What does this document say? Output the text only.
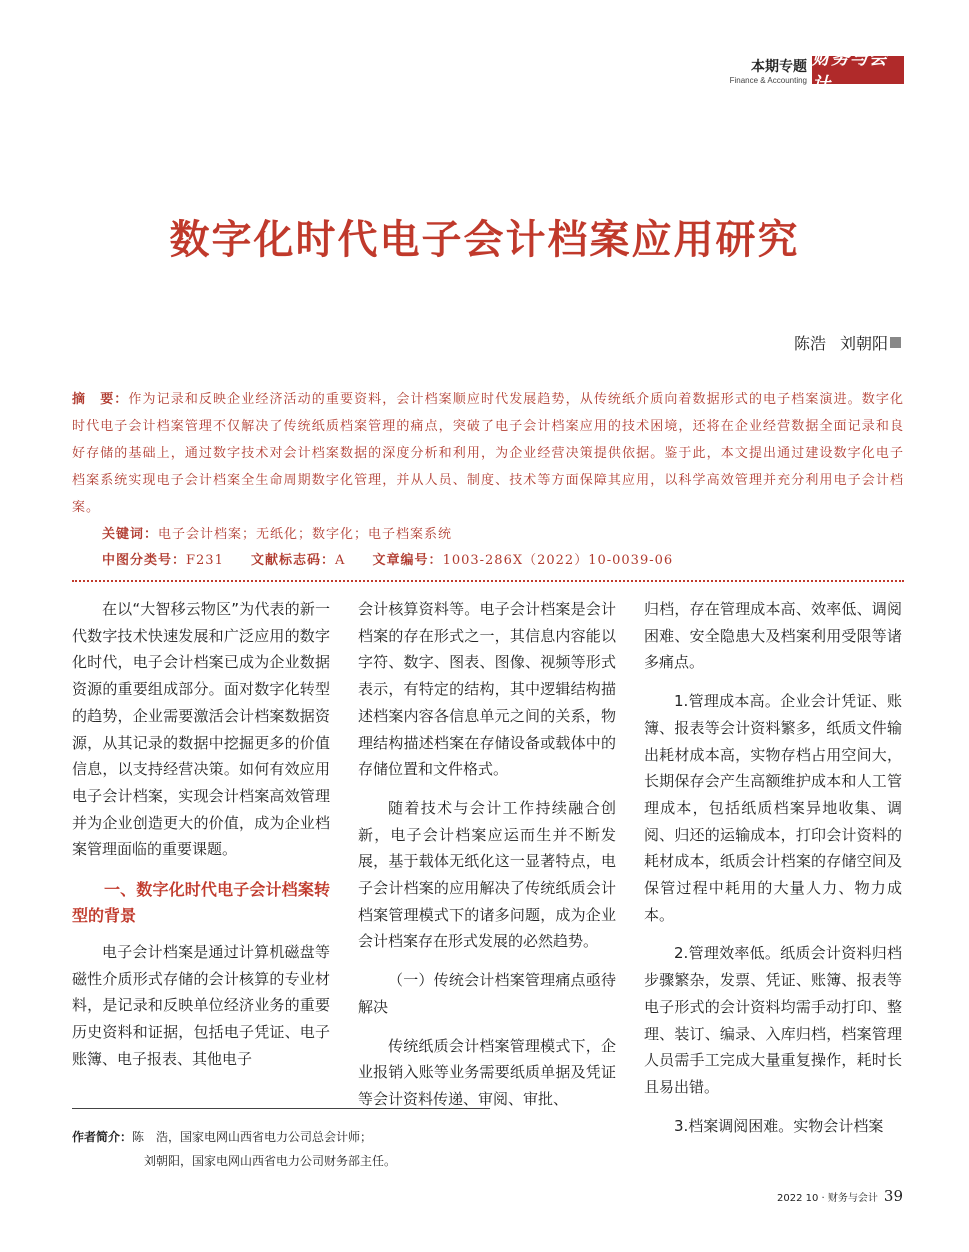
本期专题
Finance & Accounting
财务与会计
数字化时代电子会计档案应用研究
陈浩 刘朝阳
摘　要：作为记录和反映企业经济活动的重要资料，会计档案顺应时代发展趋势，从传统纸介质向着数据形式的电子档案演进。数字化时代电子会计档案管理不仅解决了传统纸质档案管理的痛点，突破了电子会计档案应用的技术困境，还将在企业经营数据全面记录和良好存储的基础上，通过数字技术对会计档案数据的深度分析和利用，为企业经营决策提供依据。鉴于此，本文提出通过建设数字化电子档案系统实现电子会计档案全生命周期数字化管理，并从人员、制度、技术等方面保障其应用，以科学高效管理并充分利用电子会计档案。
关键词：电子会计档案；无纸化；数字化；电子档案系统
中图分类号：F231 文献标志码：A 文章编号：1003-286X（2022）10-0039-06

在以“大智移云物区”为代表的新一代数字技术快速发展和广泛应用的数字化时代，电子会计档案已成为企业数据资源的重要组成部分。面对数字化转型的趋势，企业需要激活会计档案数据资源，从其记录的数据中挖掘更多的价值信息，以支持经营决策。如何有效应用电子会计档案，实现会计档案高效管理并为企业创造更大的价值，成为企业档案管理面临的重要课题。

一、数字化时代电子会计档案转型的背景

电子会计档案是通过计算机磁盘等磁性介质形式存储的会计核算的专业材料，是记录和反映单位经济业务的重要历史资料和证据，包括电子凭证、电子账簿、电子报表、其他电子

会计核算资料等。电子会计档案是会计档案的存在形式之一，其信息内容能以字符、数字、图表、图像、视频等形式表示，有特定的结构，其中逻辑结构描述档案内容各信息单元之间的关系，物理结构描述档案在存储设备或载体中的存储位置和文件格式。

随着技术与会计工作持续融合创新，电子会计档案应运而生并不断发展，基于载体无纸化这一显著特点，电子会计档案的应用解决了传统纸质会计档案管理模式下的诸多问题，成为企业会计档案存在形式发展的必然趋势。

（一）传统会计档案管理痛点亟待解决

传统纸质会计档案管理模式下，企业报销入账等业务需要纸质单据及凭证等会计资料传递、审阅、审批、

归档，存在管理成本高、效率低、调阅困难、安全隐患大及档案利用受限等诸多痛点。

1.管理成本高。企业会计凭证、账簿、报表等会计资料繁多，纸质文件输出耗材成本高，实物存档占用空间大，长期保存会产生高额维护成本和人工管理成本，包括纸质档案异地收集、调阅、归还的运输成本，打印会计资料的耗材成本，纸质会计档案的存储空间及保管过程中耗用的大量人力、物力成本。

2.管理效率低。纸质会计资料归档步骤繁杂，发票、凭证、账簿、报表等电子形式的会计资料均需手动打印、整理、装订、编录、入库归档，档案管理人员需手工完成大量重复操作，耗时长且易出错。

3.档案调阅困难。实物会计档案

作者简介：陈　浩，国家电网山西省电力公司总会计师；
刘朝阳，国家电网山西省电力公司财务部主任。
2022 10 · 财务与会计 39
